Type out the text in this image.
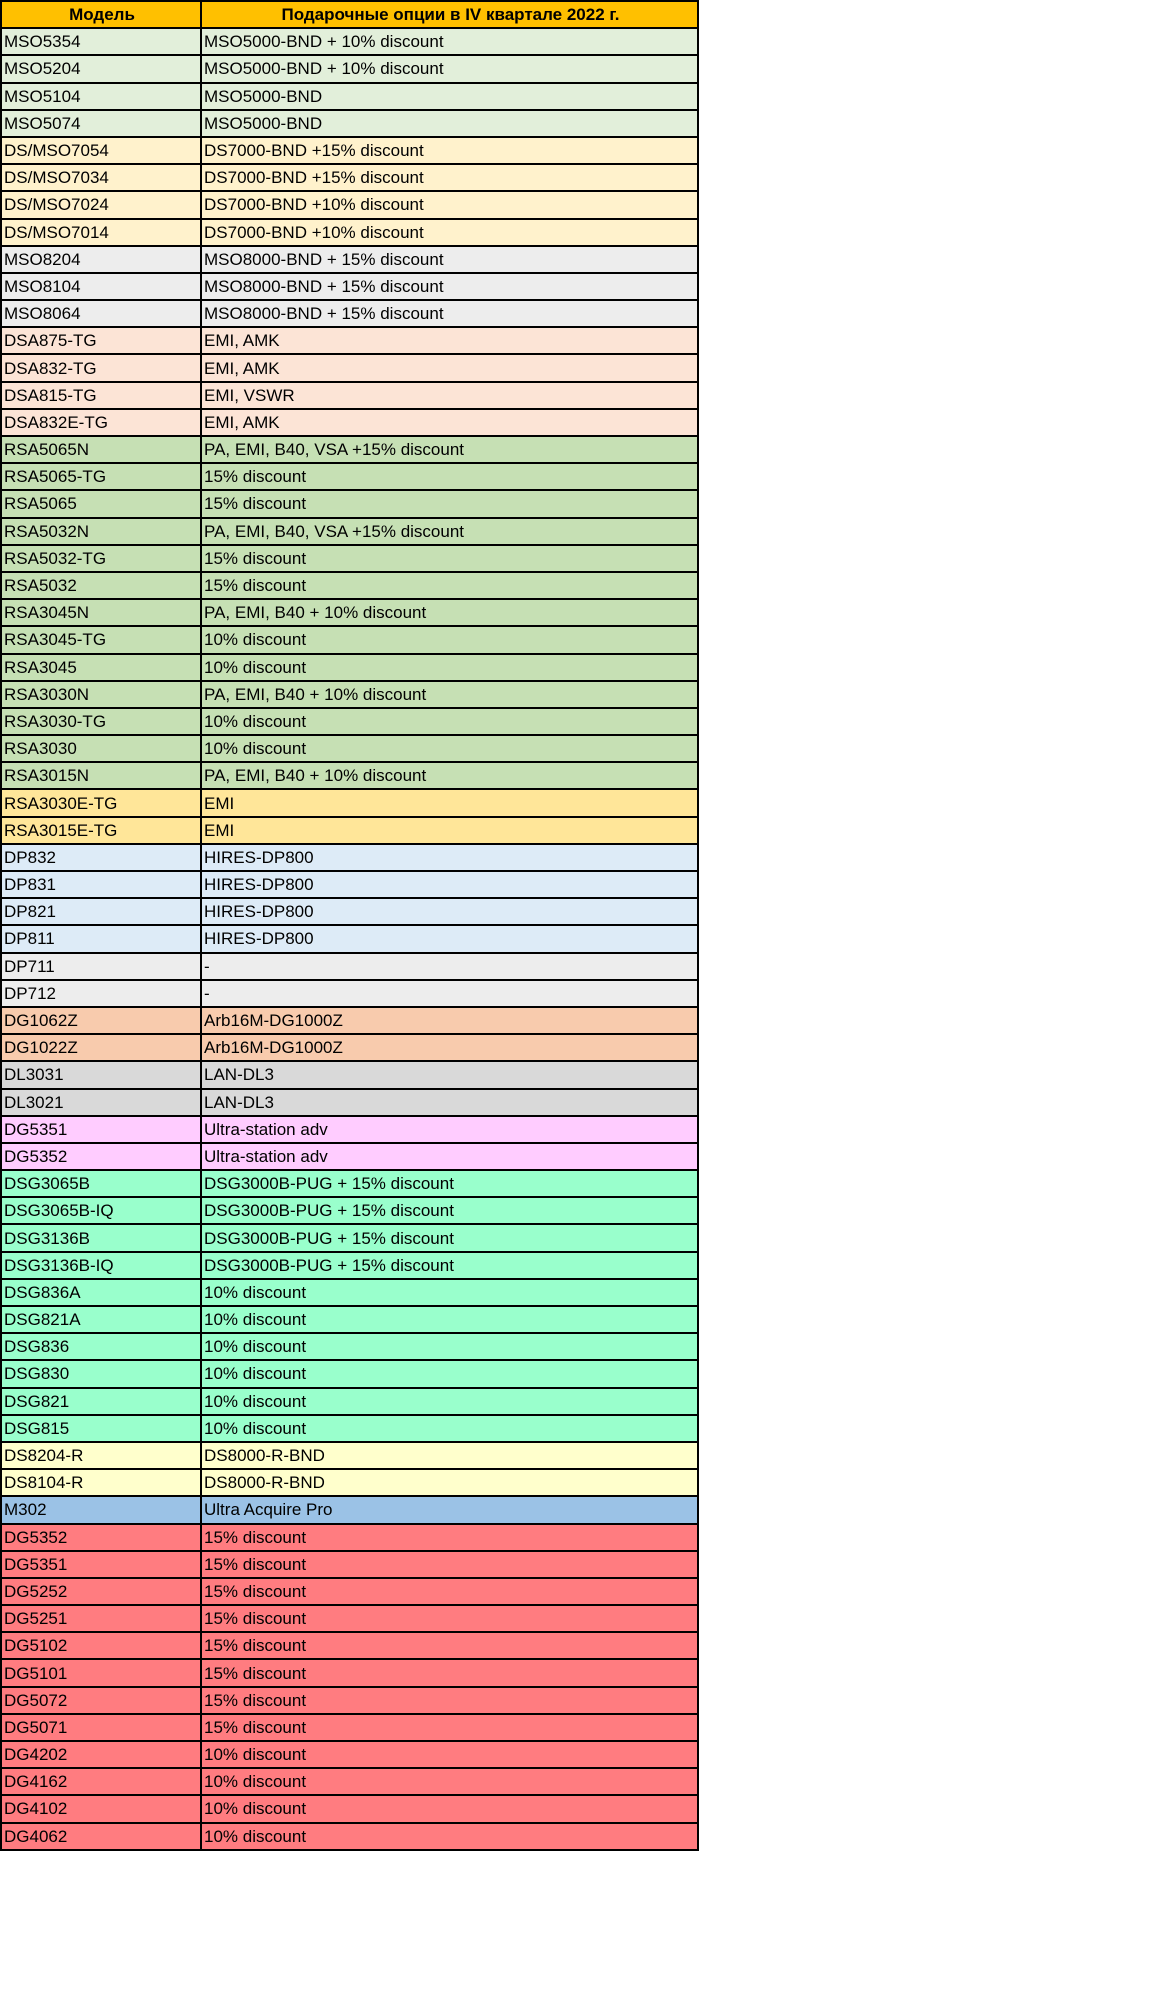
Модель	Подарочные опции в IV квартале 2022 г.
MSO5354	MSO5000-BND + 10% discount
MSO5204	MSO5000-BND + 10% discount
MSO5104	MSO5000-BND
MSO5074	MSO5000-BND
DS/MSO7054	DS7000-BND +15% discount
DS/MSO7034	DS7000-BND +15% discount
DS/MSO7024	DS7000-BND +10% discount
DS/MSO7014	DS7000-BND +10% discount
MSO8204	MSO8000-BND + 15% discount
MSO8104	MSO8000-BND + 15% discount
MSO8064	MSO8000-BND + 15% discount
DSA875-TG	EMI, AMK
DSA832-TG	EMI, AMK
DSA815-TG	EMI, VSWR
DSA832E-TG	EMI, AMK
RSA5065N	PA, EMI, B40, VSA +15% discount
RSA5065-TG	15% discount
RSA5065	15% discount
RSA5032N	PA, EMI, B40, VSA +15% discount
RSA5032-TG	15% discount
RSA5032	15% discount
RSA3045N	PA, EMI, B40 + 10% discount
RSA3045-TG	10% discount
RSA3045	10% discount
RSA3030N	PA, EMI, B40 + 10% discount
RSA3030-TG	10% discount
RSA3030	10% discount
RSA3015N	PA, EMI, B40 + 10% discount
RSA3030E-TG	EMI
RSA3015E-TG	EMI
DP832	HIRES-DP800
DP831	HIRES-DP800
DP821	HIRES-DP800
DP811	HIRES-DP800
DP711	-
DP712	-
DG1062Z	Arb16M-DG1000Z
DG1022Z	Arb16M-DG1000Z
DL3031	LAN-DL3
DL3021	LAN-DL3
DG5351	Ultra-station adv
DG5352	Ultra-station adv
DSG3065B	DSG3000B-PUG + 15% discount
DSG3065B-IQ	DSG3000B-PUG + 15% discount
DSG3136B	DSG3000B-PUG + 15% discount
DSG3136B-IQ	DSG3000B-PUG + 15% discount
DSG836A	10% discount
DSG821A	10% discount
DSG836	10% discount
DSG830	10% discount
DSG821	10% discount
DSG815	10% discount
DS8204-R	DS8000-R-BND
DS8104-R	DS8000-R-BND
M302	Ultra Acquire Pro
DG5352	15% discount
DG5351	15% discount
DG5252	15% discount
DG5251	15% discount
DG5102	15% discount
DG5101	15% discount
DG5072	15% discount
DG5071	15% discount
DG4202	10% discount
DG4162	10% discount
DG4102	10% discount
DG4062	10% discount
